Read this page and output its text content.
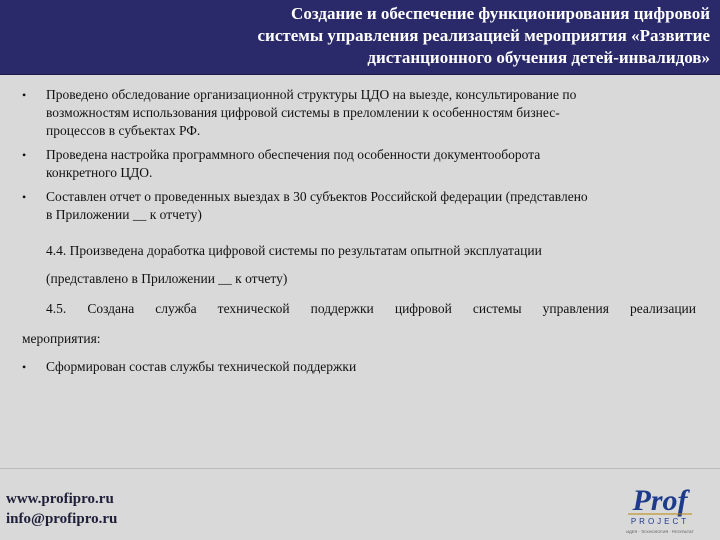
Создание и обеспечение функционирования цифровой
системы управления реализацией мероприятия «Развитие
дистанционного обучения детей-инвалидов»
• Проведено обследование организационной структуры ЦДО на выезде, консультирование по
возможностям использования цифровой системы в преломлении к особенностям бизнес-
процессов в субъектах РФ.
• Проведена настройка программного обеспечения под особенности документооборота
конкретного ЦДО.
• Составлен отчет о проведенных выездах в 30 субъектов Российской федерации (представлено
в Приложении __ к отчету)
4.4. Произведена доработка цифровой системы по результатам опытной эксплуатации
(представлено в Приложении __ к отчету)
4.5. Создана служба технической поддержки цифровой системы управления реализации
мероприятия:
• Сформирован состав службы технической поддержки
www.profipro.ru
info@profipro.ru
Prof
PROJECT
ИДЕЯ · ТЕХНОЛОГИЯ · РЕЗУЛЬТАТ
